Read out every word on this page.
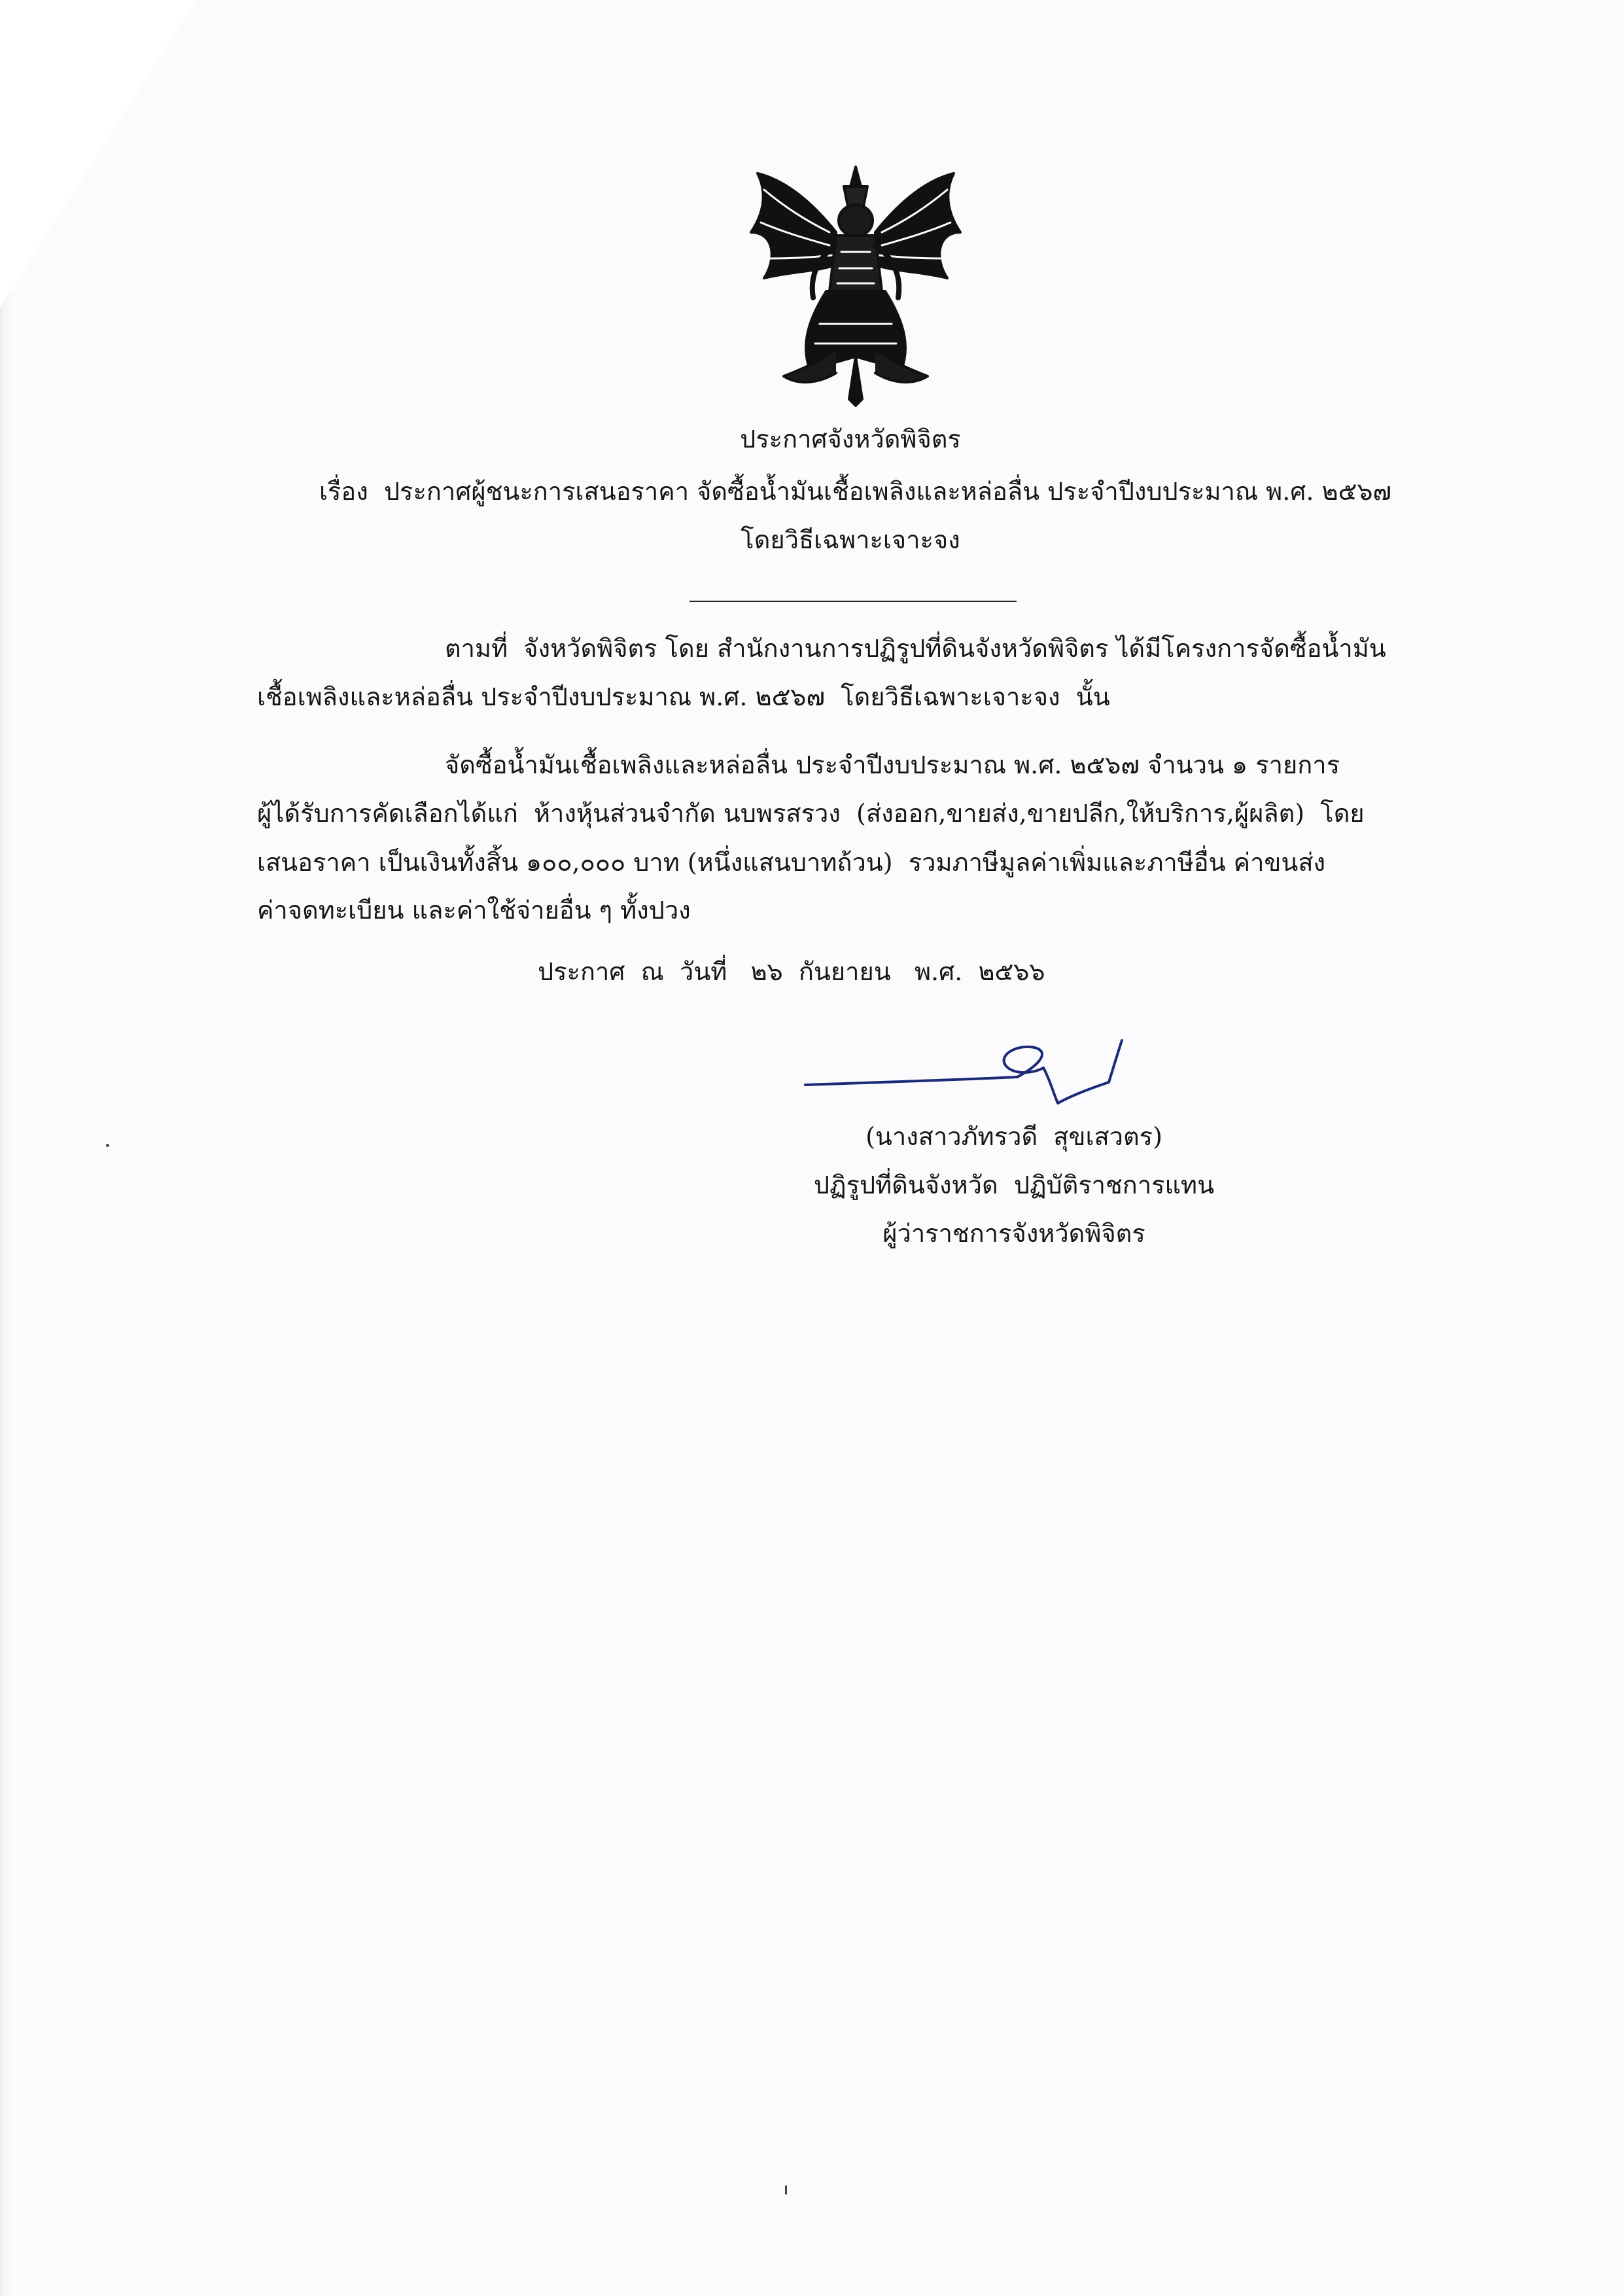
ประกาศจังหวัดพิจิตร
เรื่อง  ประกาศผู้ชนะการเสนอราคา จัดซื้อน้ำมันเชื้อเพลิงและหล่อลื่น ประจำปีงบประมาณ พ.ศ. ๒๕๖๗
โดยวิธีเฉพาะเจาะจง
ตามที่  จังหวัดพิจิตร โดย สำนักงานการปฏิรูปที่ดินจังหวัดพิจิตร ได้มีโครงการจัดซื้อน้ำมัน
เชื้อเพลิงและหล่อลื่น ประจำปีงบประมาณ พ.ศ. ๒๕๖๗  โดยวิธีเฉพาะเจาะจง  นั้น
จัดซื้อน้ำมันเชื้อเพลิงและหล่อลื่น ประจำปีงบประมาณ พ.ศ. ๒๕๖๗ จำนวน ๑ รายการ
ผู้ได้รับการคัดเลือกได้แก่  ห้างหุ้นส่วนจำกัด นบพรสรวง  (ส่งออก,ขายส่ง,ขายปลีก,ให้บริการ,ผู้ผลิต)  โดย
เสนอราคา เป็นเงินทั้งสิ้น ๑๐๐,๐๐๐ บาท (หนึ่งแสนบาทถ้วน)  รวมภาษีมูลค่าเพิ่มและภาษีอื่น ค่าขนส่ง
ค่าจดทะเบียน และค่าใช้จ่ายอื่น ๆ ทั้งปวง
ประกาศ  ณ  วันที่   ๒๖  กันยายน   พ.ศ.  ๒๕๖๖
(นางสาวภัทรวดี  สุขเสวตร)
ปฏิรูปที่ดินจังหวัด  ปฏิบัติราชการแทน
ผู้ว่าราชการจังหวัดพิจิตร
